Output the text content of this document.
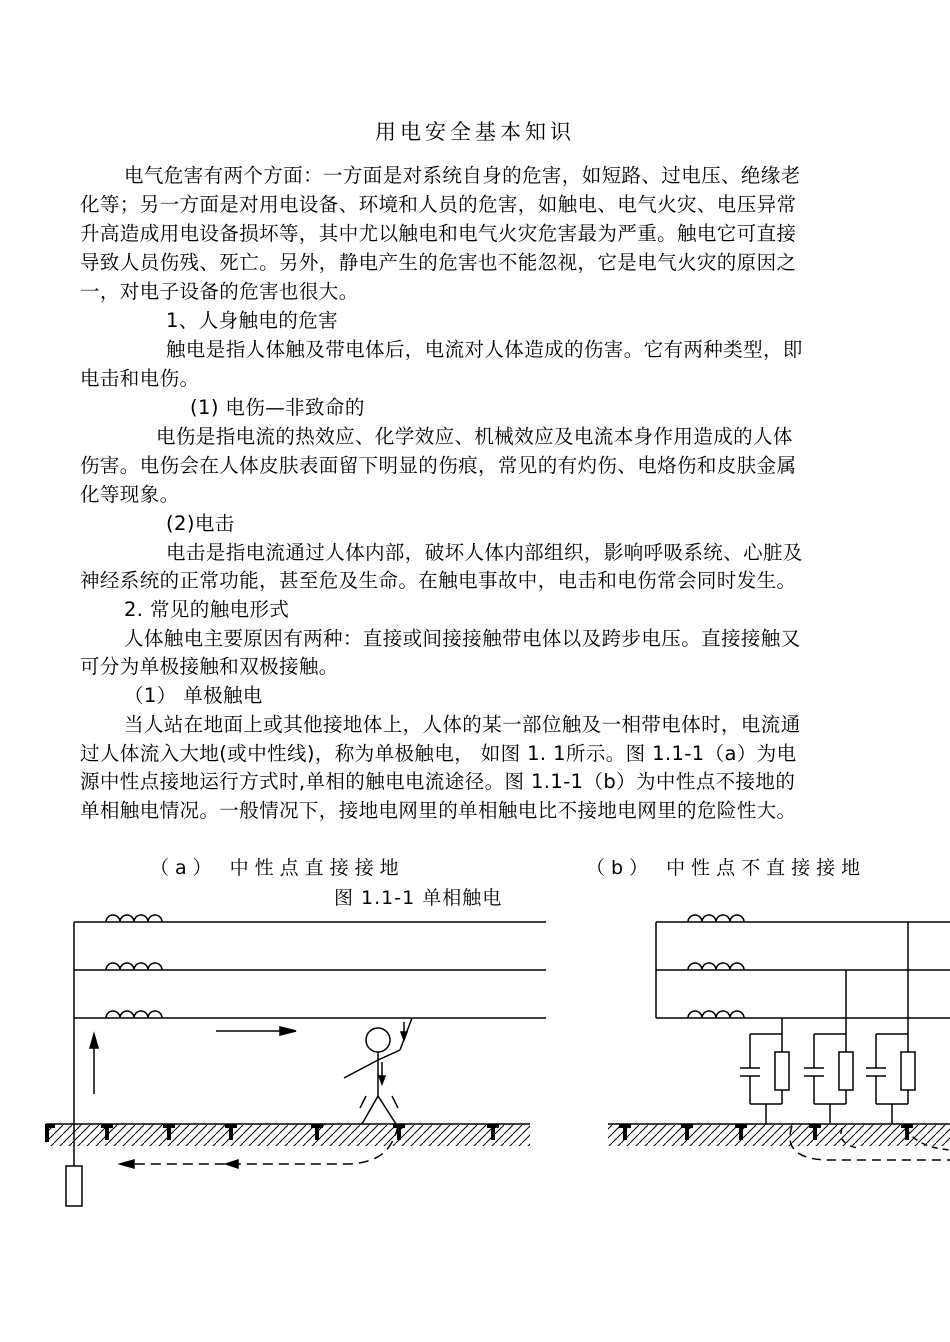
用电安全基本知识
电气危害有两个方面：一方面是对系统自身的危害，如短路、过电压、绝缘老
化等；另一方面是对用电设备、环境和人员的危害，如触电、电气火灾、电压异常
升高造成用电设备损坏等，其中尤以触电和电气火灾危害最为严重。触电它可直接
导致人员伤残、死亡。另外，静电产生的危害也不能忽视，它是电气火灾的原因之
一，对电子设备的危害也很大。
1、人身触电的危害
触电是指人体触及带电体后，电流对人体造成的伤害。它有两种类型，即
电击和电伤。
(1) 电伤—非致命的
电伤是指电流的热效应、化学效应、机械效应及电流本身作用造成的人体
伤害。电伤会在人体皮肤表面留下明显的伤痕，常见的有灼伤、电烙伤和皮肤金属
化等现象。
(2)电击
电击是指电流通过人体内部，破坏人体内部组织，影响呼吸系统、心脏及
神经系统的正常功能，甚至危及生命。在触电事故中，电击和电伤常会同时发生。
2. 常见的触电形式
人体触电主要原因有两种：直接或间接接触带电体以及跨步电压。直接接触又
可分为单极接触和双极接触。
（1） 单极触电
当人站在地面上或其他接地体上，人体的某一部位触及一相带电体时，电流通
过人体流入大地(或中性线)，称为单极触电， 如图 1. 1所示。图 1.1-1（a）为电
源中性点接地运行方式时,单相的触电电流途径。图 1.1-1（b）为中性点不接地的
单相触电情况。一般情况下，接地电网里的单相触电比不接地电网里的危险性大。
（a） 中性点直接接地	（b） 中性点不直接接地
图 1.1-1 单相触电
